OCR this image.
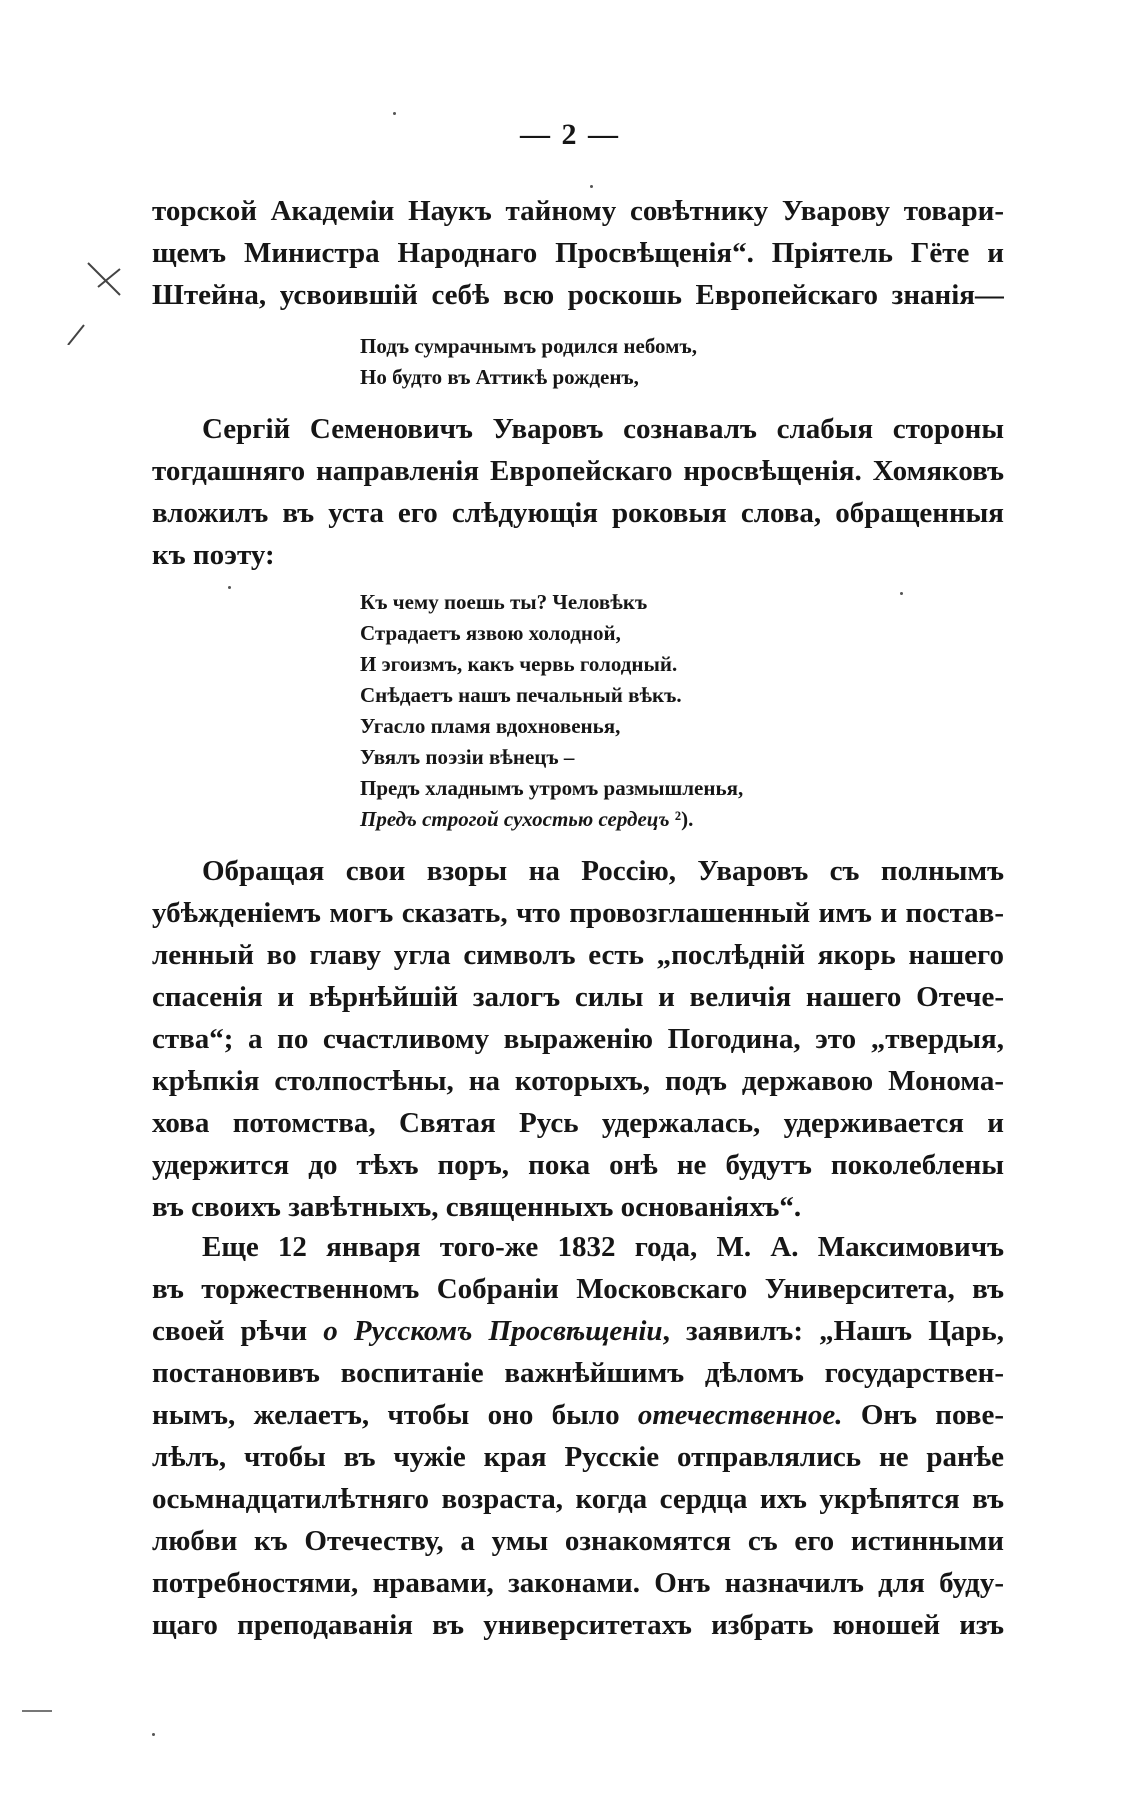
— 2 —
торской Академіи Наукъ тайному совѣтнику Уварову товари-
щемъ Министра Народнаго Просвѣщенія“. Пріятель Гёте и
Штейна, усвоившій себѣ всю роскошь Европейскаго знанія—
Подъ сумрачнымъ родился небомъ,
Но будто въ Аттикѣ рожденъ,
Сергій Семеновичъ Уваровъ сознавалъ слабыя стороны
тогдашняго направленія Европейскаго нросвѣщенія. Хомяковъ
вложилъ въ уста его слѣдующія роковыя слова, обращенныя
къ поэту:
Къ чему поешь ты? Человѣкъ
Страдаетъ язвою холодной,
И эгоизмъ, какъ червь голодный.
Снѣдаетъ нашъ печальный вѣкъ.
Угасло пламя вдохновенья,
Увялъ поэзіи вѣнецъ –
Предъ хладнымъ утромъ размышленья,
Предъ строгой сухостью сердецъ ²).
Обращая свои взоры на Россію, Уваровъ съ полнымъ
убѣжденіемъ могъ сказать, что провозглашенный имъ и постав-
ленный во главу угла символъ есть „послѣдній якорь нашего
спасенія и вѣрнѣйшій залогъ силы и величія нашего Отече-
ства“; а по счастливому выраженію Погодина, это „твердыя,
крѣпкія столпостѣны, на которыхъ, подъ державою Монома-
хова потомства, Святая Русь удержалась, удерживается и
удержится до тѣхъ поръ, пока онѣ не будутъ поколеблены
въ своихъ завѣтныхъ, священныхъ основаніяхъ“.
Еще 12 января того-же 1832 года, М. А. Максимовичъ
въ торжественномъ Собраніи Московскаго Университета, въ
своей рѣчи о Русскомъ Просвѣщеніи, заявилъ: „Нашъ Царь,
постановивъ воспитаніе важнѣйшимъ дѣломъ государствен-
нымъ, желаетъ, чтобы оно было отечественное. Онъ пове-
лѣлъ, чтобы въ чужіе края Русскіе отправлялись не ранѣе
осьмнадцатилѣтняго возраста, когда сердца ихъ укрѣпятся въ
любви къ Отечеству, а умы ознакомятся съ его истинными
потребностями, нравами, законами. Онъ назначилъ для буду-
щаго преподаванія въ университетахъ избрать юношей изъ
